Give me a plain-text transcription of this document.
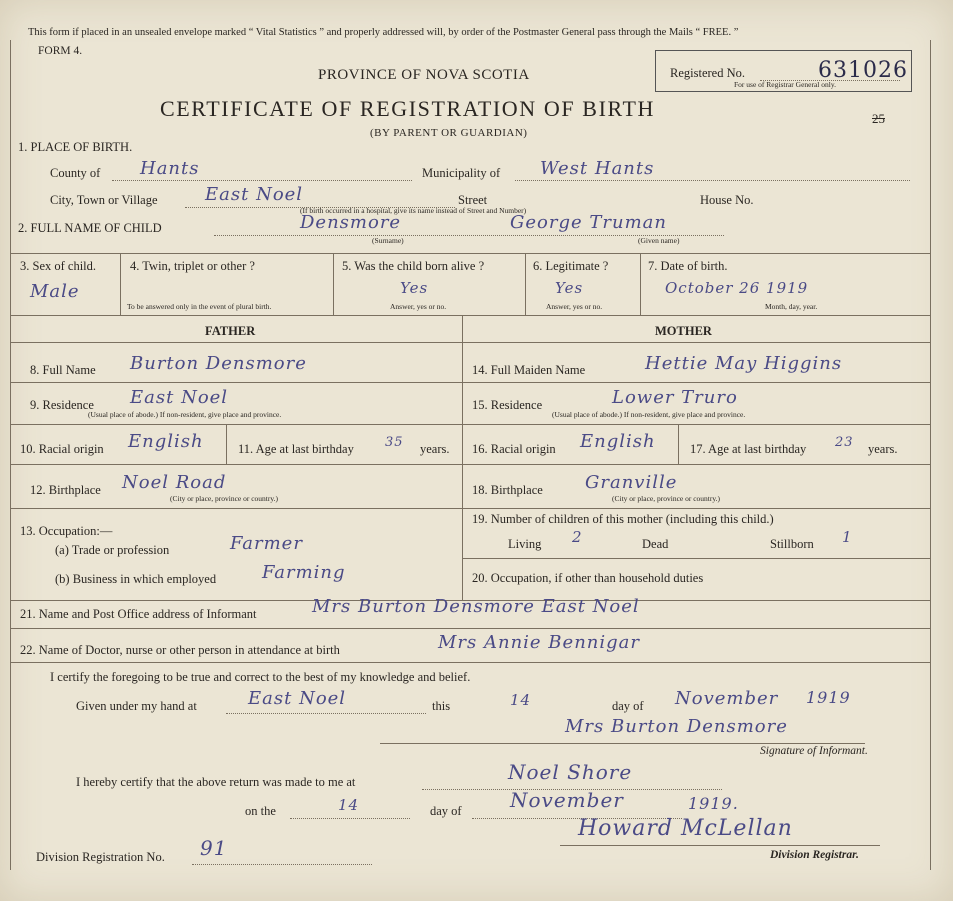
This form if placed in an unsealed envelope marked “ Vital Statistics ” and properly addressed will, by order of the Postmaster General pass through the Mails “ FREE. ”
FORM 4.
PROVINCE OF NOVA SCOTIA
CERTIFICATE OF REGISTRATION OF BIRTH
(BY PARENT OR GUARDIAN)
Registered No.	631026
For use of Registrar General only.
25
1. PLACE OF BIRTH.
County of Hants	Municipality of West Hants
City, Town or Village	East Noel	Street	House No.
(If birth occurred in a hospital, give its name instead of Street and Number)
2. FULL NAME OF CHILD	Densmore	George Truman
(Surname)	(Given name)
3. Sex of child.
Male
4. Twin, triplet or other ?
To be answered only in the event of plural birth.
5. Was the child born alive ?
Yes
Answer, yes or no.
6. Legitimate ?
Yes
Answer, yes or no.
7. Date of birth.
October 26 1919
Month, day, year.
FATHER	MOTHER
8. Full Name Burton Densmore
9. Residence East Noel
(Usual place of abode.) If non-resident, give place and province.
10. Racial origin English	11. Age at last birthday 35 years.
12. Birthplace Noel Road
(City or place, province or country.)
13. Occupation:—
(a) Trade or profession	Farmer
(b) Business in which employed	Farming
14. Full Maiden Name	Hettie May Higgins
15. Residence	Lower Truro
(Usual place of abode.) If non-resident, give place and province.
16. Racial origin English	17. Age at last birthday 23 years.
18. Birthplace Granville
(City or place, province or country.)
19. Number of children of this mother (including this child.)
Living 2	Dead	Stillborn 1
20. Occupation, if other than household duties
21. Name and Post Office address of Informant	Mrs Burton Densmore East Noel
22. Name of Doctor, nurse or other person in attendance at birth	Mrs Annie Bennigar
I certify the foregoing to be true and correct to the best of my knowledge and belief.
Given under my hand at	East Noel	this	14	day of November 1919
Mrs Burton Densmore
Signature of Informant.
I hereby certify that the above return was made to me at	Noel Shore
on the	14	day of November	1919.
Howard McLellan
Division Registrar.
Division Registration No. 91
